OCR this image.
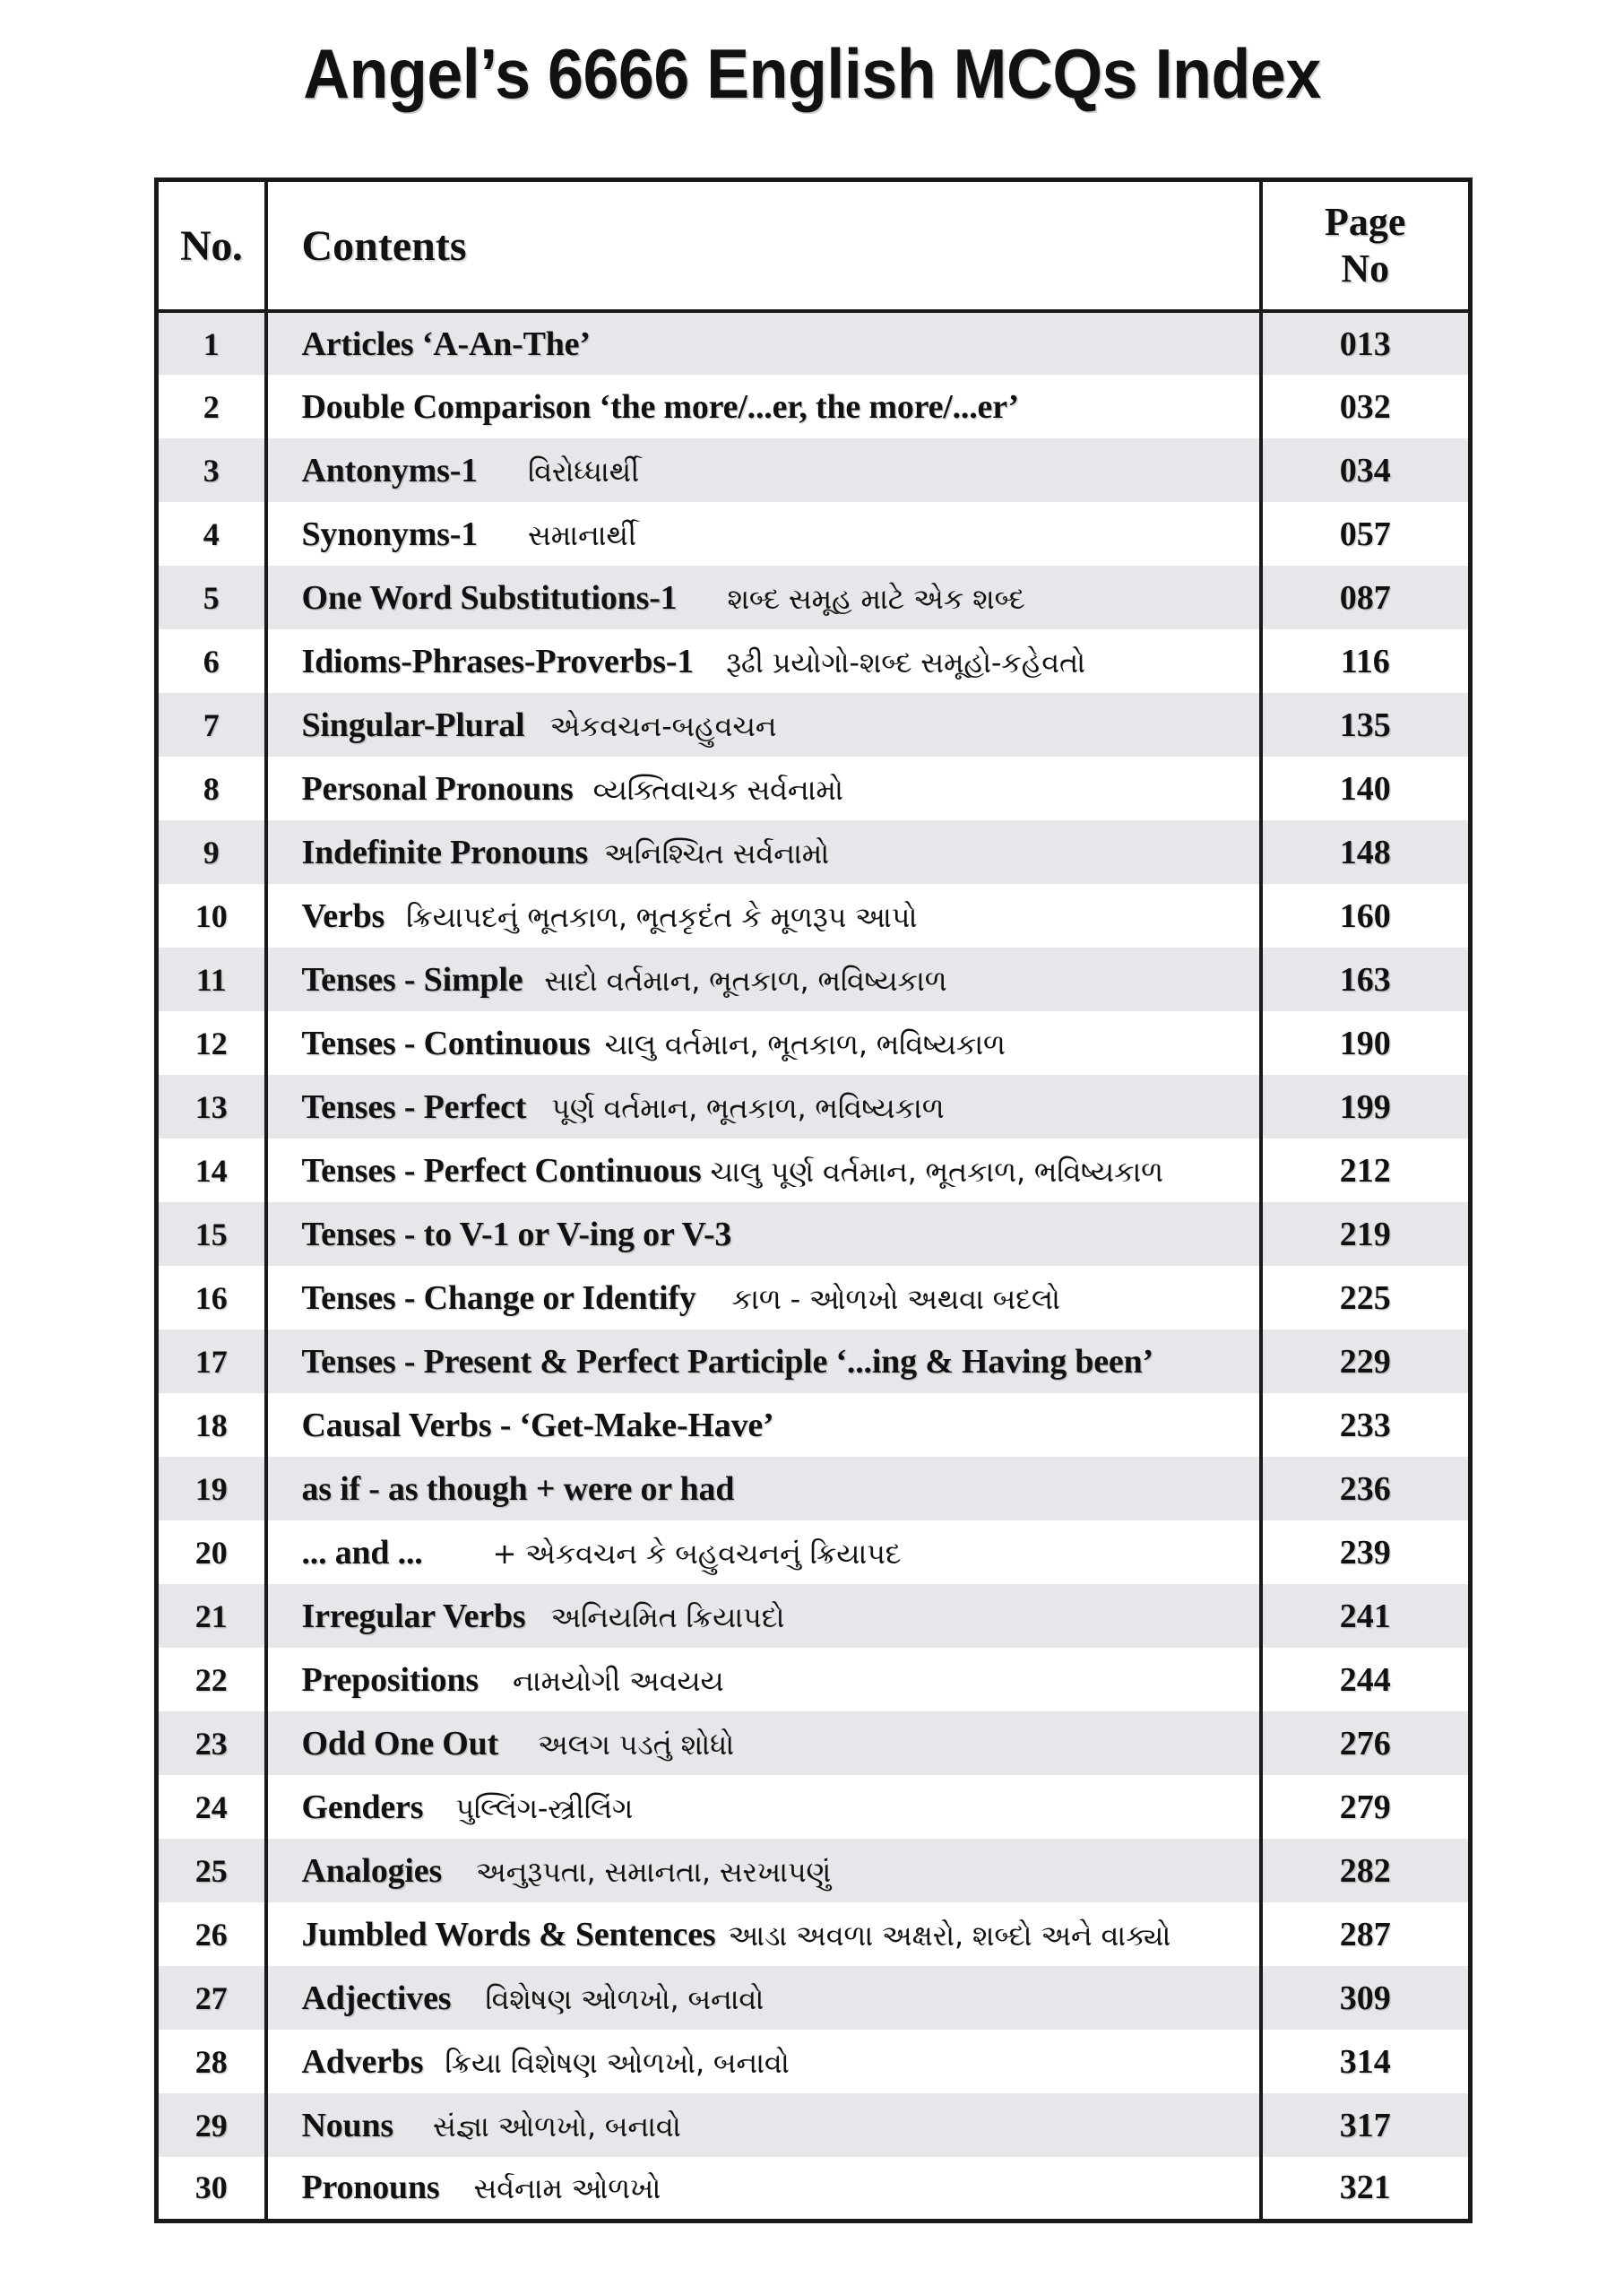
Angel’s 6666 English MCQs Index
No.	Contents	Page
No
1	Articles ‘A-An-The’	013
2	Double Comparison ‘the more/...er, the more/...er’	032
3	Antonyms-1 વિરોધ્ધાર્થી	034
4	Synonyms-1 સમાનાર્થી	057
5	One Word Substitutions-1 શબ્દ સમૂહ માટે એક શબ્દ	087
6	Idioms-Phrases-Proverbs-1 રૂઢી પ્રયોગો-શબ્દ સમૂહો-કહેવતો	116
7	Singular-Plural એકવચન-બહુવચન	135
8	Personal Pronouns વ્યક્તિવાચક સર્વનામો	140
9	Indefinite Pronouns અનિશ્ચિત સર્વનામો	148
10	Verbs ક્રિયાપદનું ભૂતકાળ, ભૂતકૃદંત કે મૂળરૂપ આપો	160
11	Tenses - Simple સાદો વર્તમાન, ભૂતકાળ, ભવિષ્યકાળ	163
12	Tenses - Continuous ચાલુ વર્તમાન, ભૂતકાળ, ભવિષ્યકાળ	190
13	Tenses - Perfect પૂર્ણ વર્તમાન, ભૂતકાળ, ભવિષ્યકાળ	199
14	Tenses - Perfect Continuous ચાલુ પૂર્ણ વર્તમાન, ભૂતકાળ, ભવિષ્યકાળ	212
15	Tenses - to V-1 or V-ing or V-3	219
16	Tenses - Change or Identify કાળ - ઓળખો અથવા બદલો	225
17	Tenses - Present & Perfect Participle ‘...ing & Having been’	229
18	Causal Verbs - ‘Get-Make-Have’	233
19	as if - as though + were or had	236
20	... and ... + એકવચન કે બહુવચનનું ક્રિયાપદ	239
21	Irregular Verbs અનિયમિત ક્રિયાપદો	241
22	Prepositions નામયોગી અવયય	244
23	Odd One Out અલગ પડતું શોધો	276
24	Genders પુલ્લિંગ-સ્ત્રીલિંગ	279
25	Analogies અનુરૂપતા, સમાનતા, સરખાપણું	282
26	Jumbled Words & Sentences આડા અવળા અક્ષરો, શબ્દો અને વાક્યો	287
27	Adjectives વિશેષણ ઓળખો, બનાવો	309
28	Adverbs ક્રિયા વિશેષણ ઓળખો, બનાવો	314
29	Nouns સંજ્ઞા ઓળખો, બનાવો	317
30	Pronouns સર્વનામ ઓળખો	321
